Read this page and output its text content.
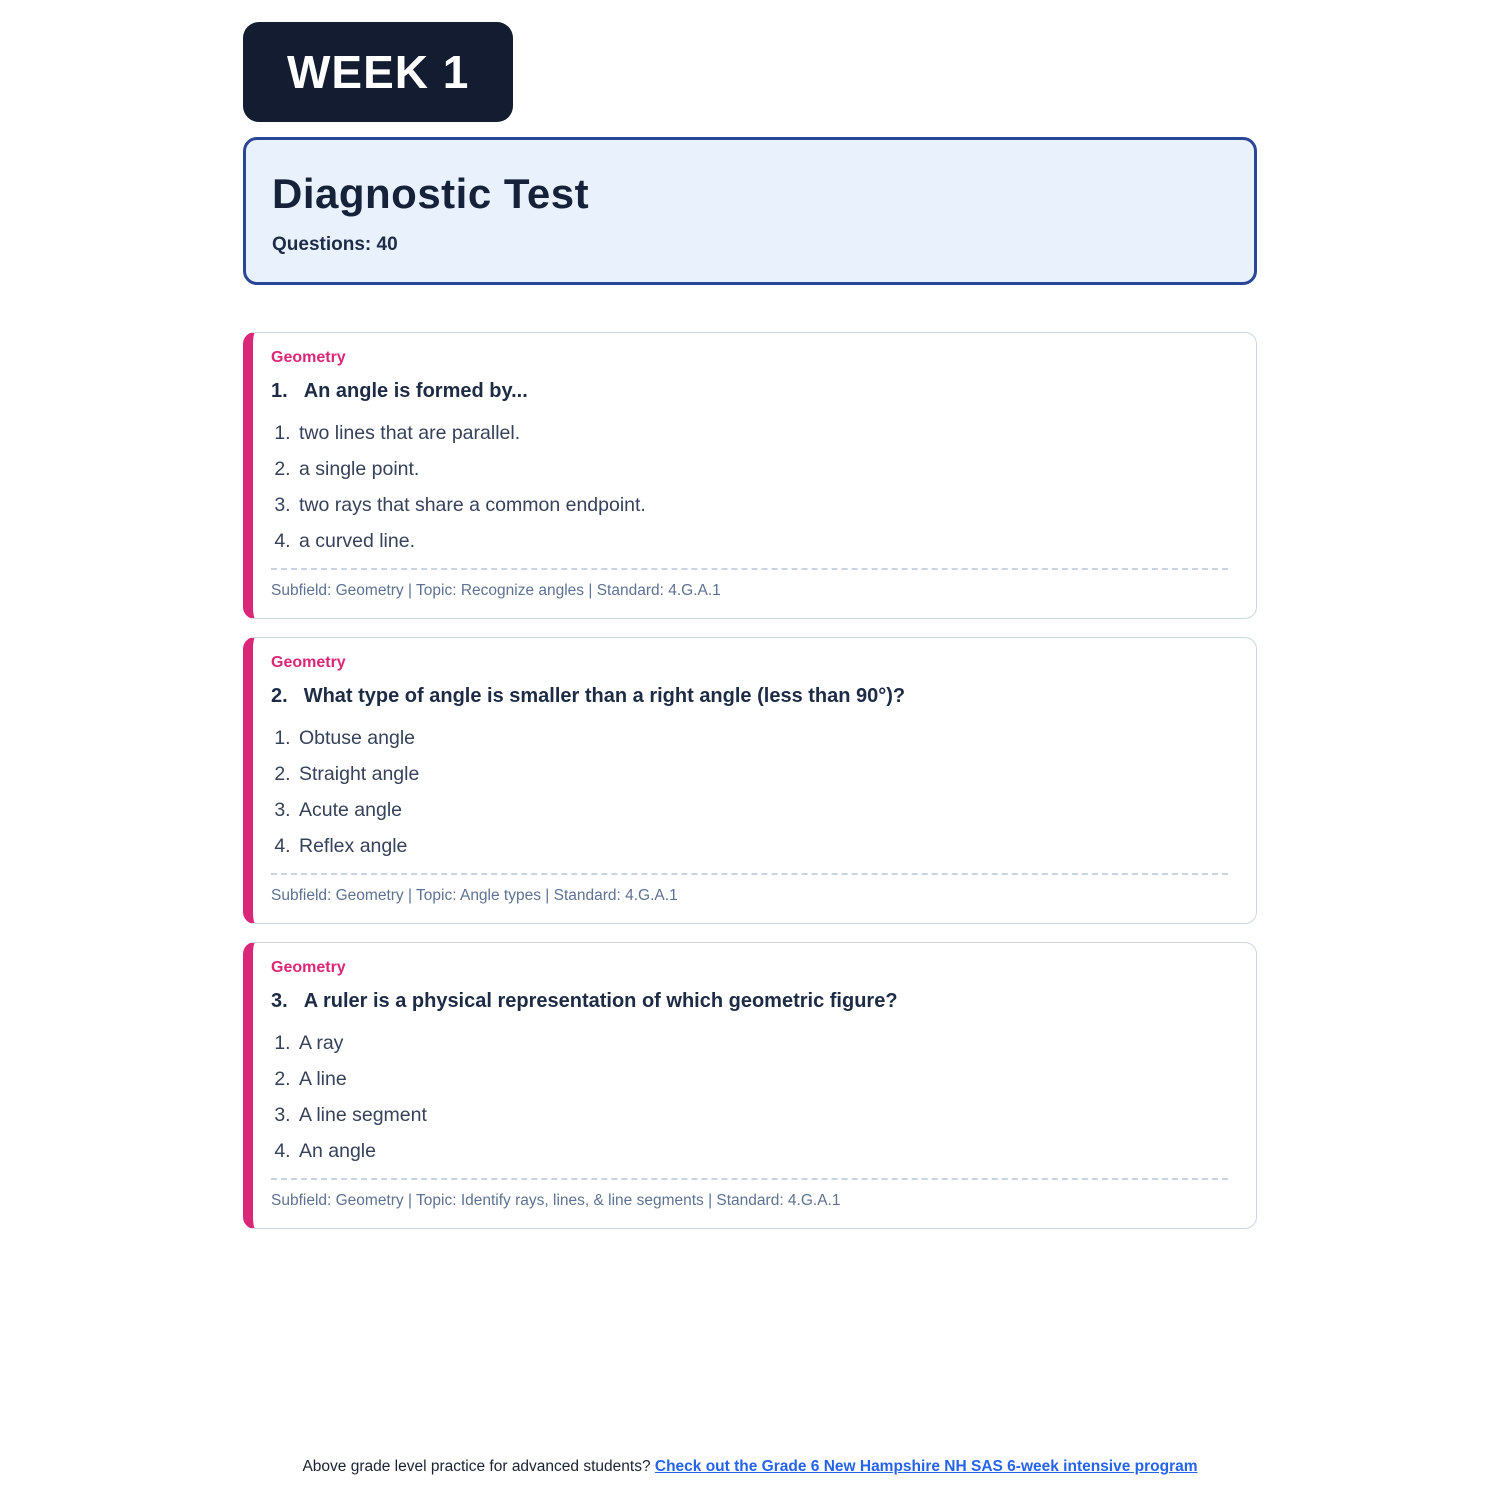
WEEK 1
Diagnostic Test
Questions: 40
Geometry
1. An angle is formed by...
1. two lines that are parallel.
2. a single point.
3. two rays that share a common endpoint.
4. a curved line.
Subfield: Geometry | Topic: Recognize angles | Standard: 4.G.A.1
Geometry
2. What type of angle is smaller than a right angle (less than 90°)?
1. Obtuse angle
2. Straight angle
3. Acute angle
4. Reflex angle
Subfield: Geometry | Topic: Angle types | Standard: 4.G.A.1
Geometry
3. A ruler is a physical representation of which geometric figure?
1. A ray
2. A line
3. A line segment
4. An angle
Subfield: Geometry | Topic: Identify rays, lines, & line segments | Standard: 4.G.A.1
Above grade level practice for advanced students? Check out the Grade 6 New Hampshire NH SAS 6-week intensive program
